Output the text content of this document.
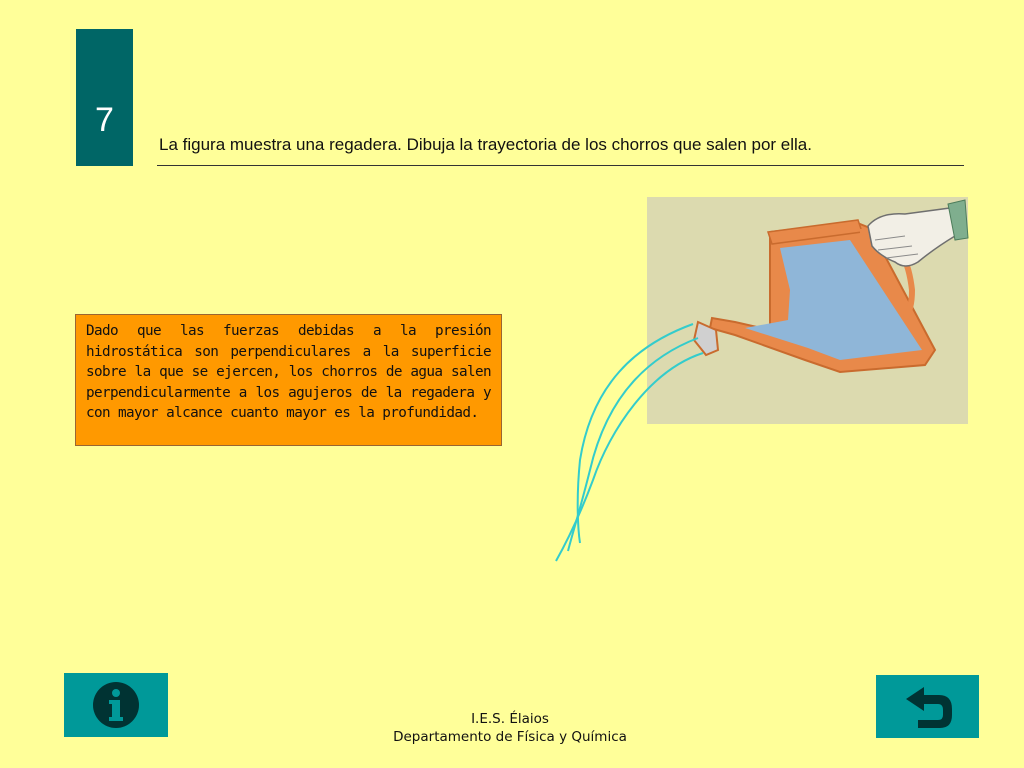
7
La figura muestra una regadera. Dibuja la trayectoria de los chorros que salen por ella.
Dado que las fuerzas debidas a la presión hidrostática son perpendiculares a la superficie sobre la que se ejercen, los chorros de agua salen perpendicularmente a los agujeros de la regadera y con mayor alcance cuanto mayor es la profundidad.
I.E.S. Élaios
Departamento de Física y Química
